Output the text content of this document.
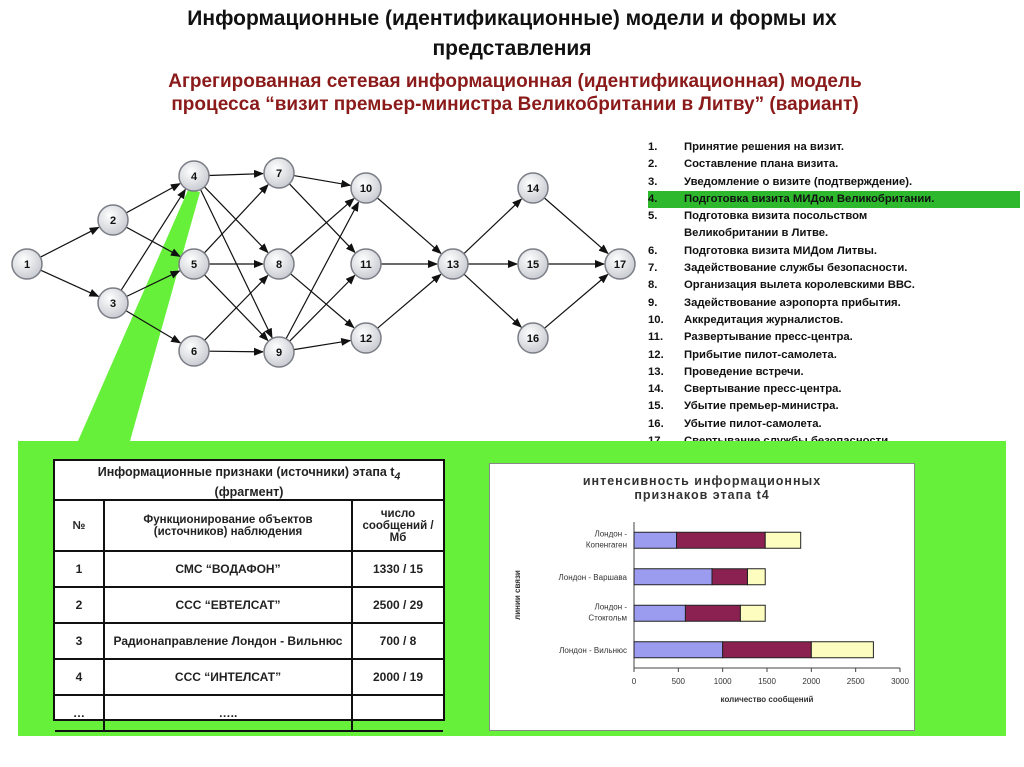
Информационные (идентификационные) модели и формы их
представления
Агрегированная сетевая информационная (идентификационная) модель
процесса “визит премьер-министра Великобритании в Литву” (вариант)
1
2
3
4
5
6
7
8
9
10
11
12
13
14
15
16
17
1.	Принятие решения на визит.
2.	Составление плана визита.
3.	Уведомление о визите (подтверждение).
4.	Подготовка визита МИДом Великобритании.
5.	Подготовка визита посольством
Великобритании в Литве.
6.	Подготовка визита МИДом Литвы.
7.	Задействование службы безопасности.
8.	Организация вылета королевскими ВВС.
9.	Задействование аэропорта прибытия.
10.	Аккредитация журналистов.
11.	Развертывание пресс-центра.
12.	Прибытие пилот-самолета.
13.	Проведение встречи.
14.	Свертывание пресс-центра.
15.	Убытие премьер-министра.
16.	Убытие пилот-самолета.
Информационные признаки (источники) этапа $t_4$
(фрагмент)
№	Функционирование объектов (источников) наблюдения	число сообщений / Мб
1	СМС “ВОДАФОН”	1330 / 15
2	ССС “ЕВТЕЛСАТ”	2500 / 29
3	Радионаправление Лондон - Вильнюс	700 / 8
4	ССС “ИНТЕЛСАТ”	2000 / 19
…	…..	
интенсивность информационных
признаков этапа t4
Лондон -Копенгаген
Лондон - Варшава
Лондон -Стокгольм
Лондон - Вильнюс
0	500	1000	1500	2000	2500	3000
количество сообщений
линии связи
